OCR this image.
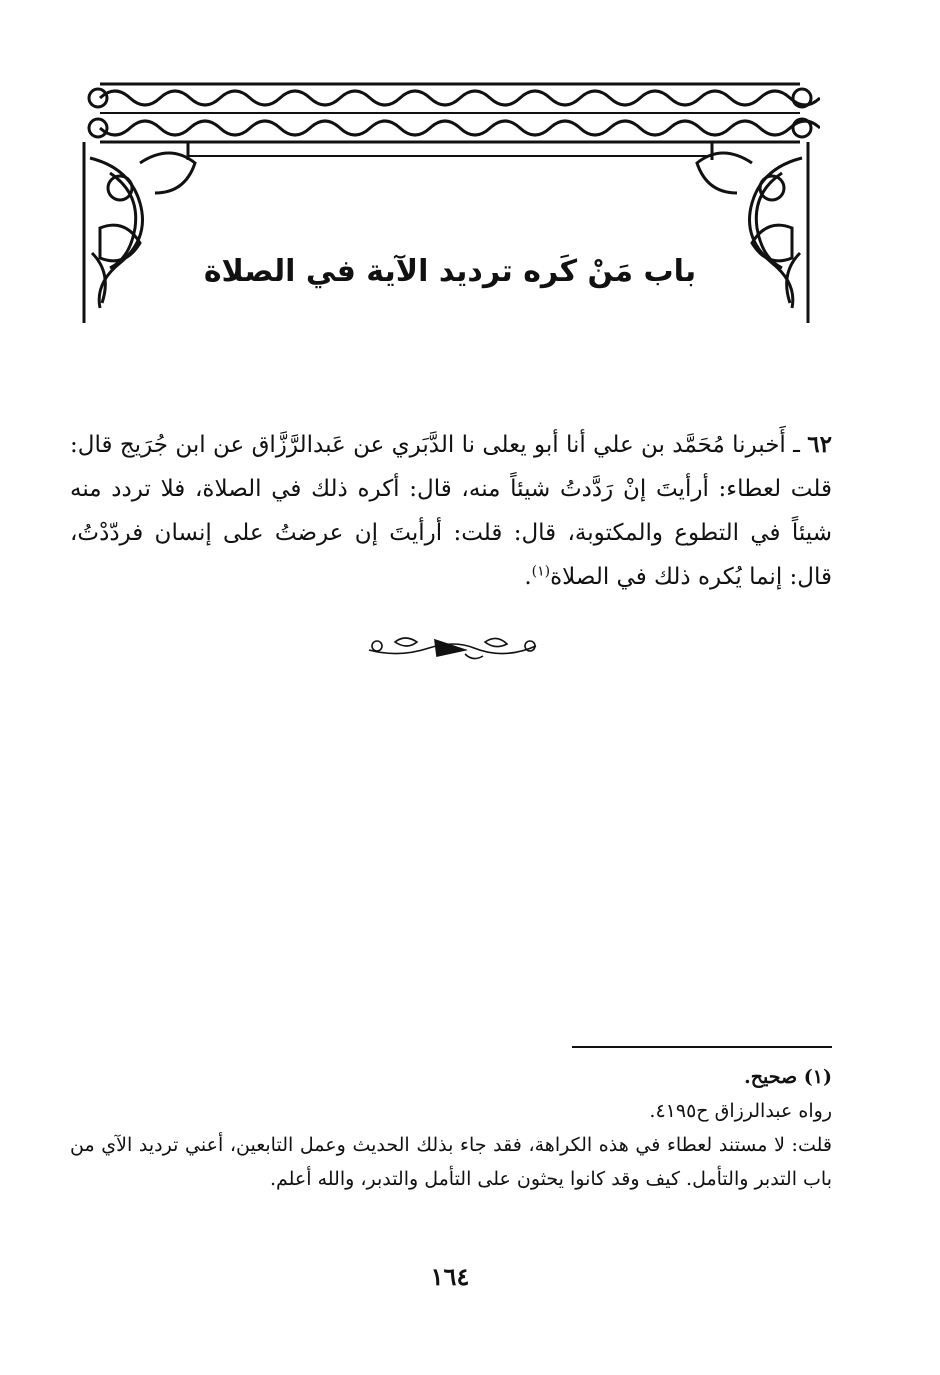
باب مَنْ كَره ترديد الآية في الصلاة

٦٢ ـ أَخبرنا مُحَمَّد بن علي أنا أبو يعلى نا الدَّبَري عن عَبدالرَّزَّاق عن ابن جُرَيج قال: قلت لعطاء: أرأيتَ إنْ رَدَّدتُ شيئاً منه، قال: أكره ذلك في الصلاة، فلا تردد منه شيئاً في التطوع والمكتوبة، قال: قلت: أرأيتَ إن عرضتُ على إنسان فردّدْتُ، قال: إنما يُكره ذلك في الصلاة$^{(١)}$.

(١) صحيح.

رواه عبدالرزاق ح٤١٩٥.

قلت: لا مستند لعطاء في هذه الكراهة، فقد جاء بذلك الحديث وعمل التابعين، أعني ترديد الآي من باب التدبر والتأمل. كيف وقد كانوا يحثون على التأمل والتدبر، والله أعلم.

١٦٤
